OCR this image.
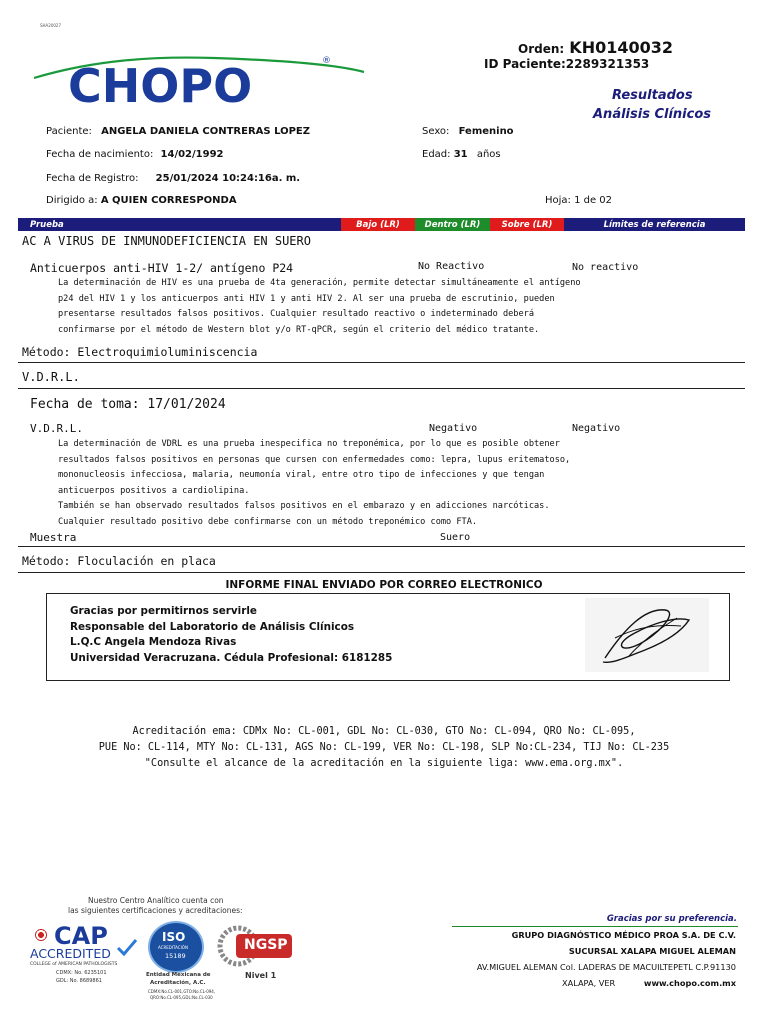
SHA20027
CHOPO	®
Orden: KH0140032
ID Paciente:2289321353
Resultados
Análisis Clínicos
Paciente: ANGELA DANIELA CONTRERAS LOPEZ	Sexo: Femenino
Fecha de nacimiento: 14/02/1992	Edad: 31 años
Fecha de Registro: 25/01/2024 10:24:16a. m.
Dirigido a: A QUIEN CORRESPONDA	Hoja: 1 de 02
Prueba	Bajo (LR)	Dentro (LR)	Sobre (LR)	Límites de referencia
AC A VIRUS DE INMUNODEFICIENCIA EN SUERO
Anticuerpos anti-HIV 1-2/ antígeno P24	No Reactivo	No reactivo
La determinación de HIV es una prueba de 4ta generación, permite detectar simultáneamente el antígeno
p24 del HIV 1 y los anticuerpos anti HIV 1 y anti HIV 2. Al ser una prueba de escrutinio, pueden
presentarse resultados falsos positivos. Cualquier resultado reactivo o indeterminado deberá
confirmarse por el método de Western blot y/o RT-qPCR, según el criterio del médico tratante.
Método: Electroquimioluminiscencia
V.D.R.L.
Fecha de toma: 17/01/2024
V.D.R.L.	Negativo	Negativo
La determinación de VDRL es una prueba inespecifica no treponémica, por lo que es posible obtener
resultados falsos positivos en personas que cursen con enfermedades como: lepra, lupus eritematoso,
mononucleosis infecciosa, malaria, neumonía viral, entre otro tipo de infecciones y que tengan
anticuerpos positivos a cardiolipina.
También se han observado resultados falsos positivos en el embarazo y en adicciones narcóticas.
Cualquier resultado positivo debe confirmarse con un método treponémico como FTA.
Muestra	Suero
Método: Floculación en placa
INFORME FINAL ENVIADO POR CORREO ELECTRONICO
Gracias por permitirnos servirle
Responsable del Laboratorio de Análisis Clínicos
L.Q.C Angela Mendoza Rivas
Universidad Veracruzana. Cédula Profesional: 6181285
Acreditación ema: CDMx No: CL-001, GDL No: CL-030, GTO No: CL-094, QRO No: CL-095,
PUE No: CL-114, MTY No: CL-131, AGS No: CL-199, VER No: CL-198, SLP No:CL-234, TIJ No: CL-235
"Consulte el alcance de la acreditación en la siguiente liga: www.ema.org.mx".
Nuestro Centro Analítico cuenta con
las siguientes certificaciones y acreditaciones:
CAP
ACCREDITED
COLLEGE of AMERICAN PATHOLOGISTS
CDMX: No. 6235101
GDL: No. 8689861
ISO
ACREDITACIÓN
15189
Entidad Mexicana de
Acreditación, A.C.
CDMX:No.CL-001,GTO:No.CL-094,
QRO:No.CL-095,GDL:No.CL-030
NGSP
Nivel 1
Gracias por su preferencia.
GRUPO DIAGNÓSTICO MÉDICO PROA S.A. DE C.V.
SUCURSAL XALAPA MIGUEL ALEMAN
AV.MIGUEL ALEMAN Col. LADERAS DE MACUILTEPETL C.P.91130
XALAPA, VER	www.chopo.com.mx
